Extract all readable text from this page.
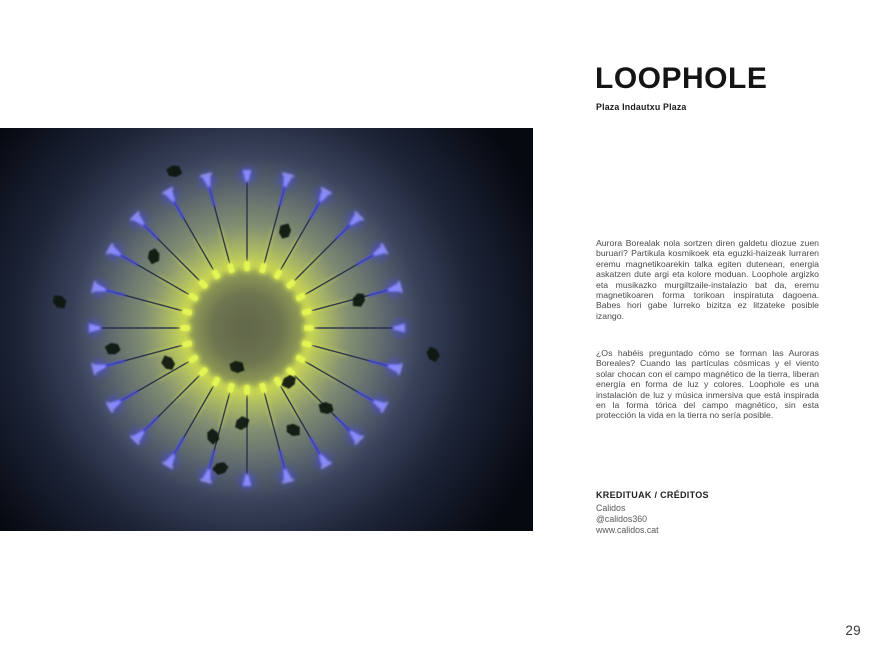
LOOPHOLE
Plaza Indautxu Plaza

Aurora Borealak nola sortzen diren galdetu diozue zuen buruari? Partikula kosmikoek eta eguzki-haizeak lurraren eremu magnetikoarekin talka egiten dutenean, energia askatzen dute argi eta kolore moduan. Loophole argizko eta musikazko murgiltzaile-instalazio bat da, eremu magnetikoaren forma torikoan inspiratuta dagoena. Babes hori gabe lurreko bizitza ez litzateke posible izango.

¿Os habéis preguntado cómo se forman las Auroras Boreales? Cuando las partículas cósmicas y el viento solar chocan con el campo magnético de la tierra, liberan energía en forma de luz y colores. Loophole es una instalación de luz y música inmersiva que está inspirada en la forma tórica del campo magnético, sin esta protección la vida en la tierra no sería posible.

KREDITUAK / CRÉDITOS
Calidos
@calidos360
www.calidos.cat
29
